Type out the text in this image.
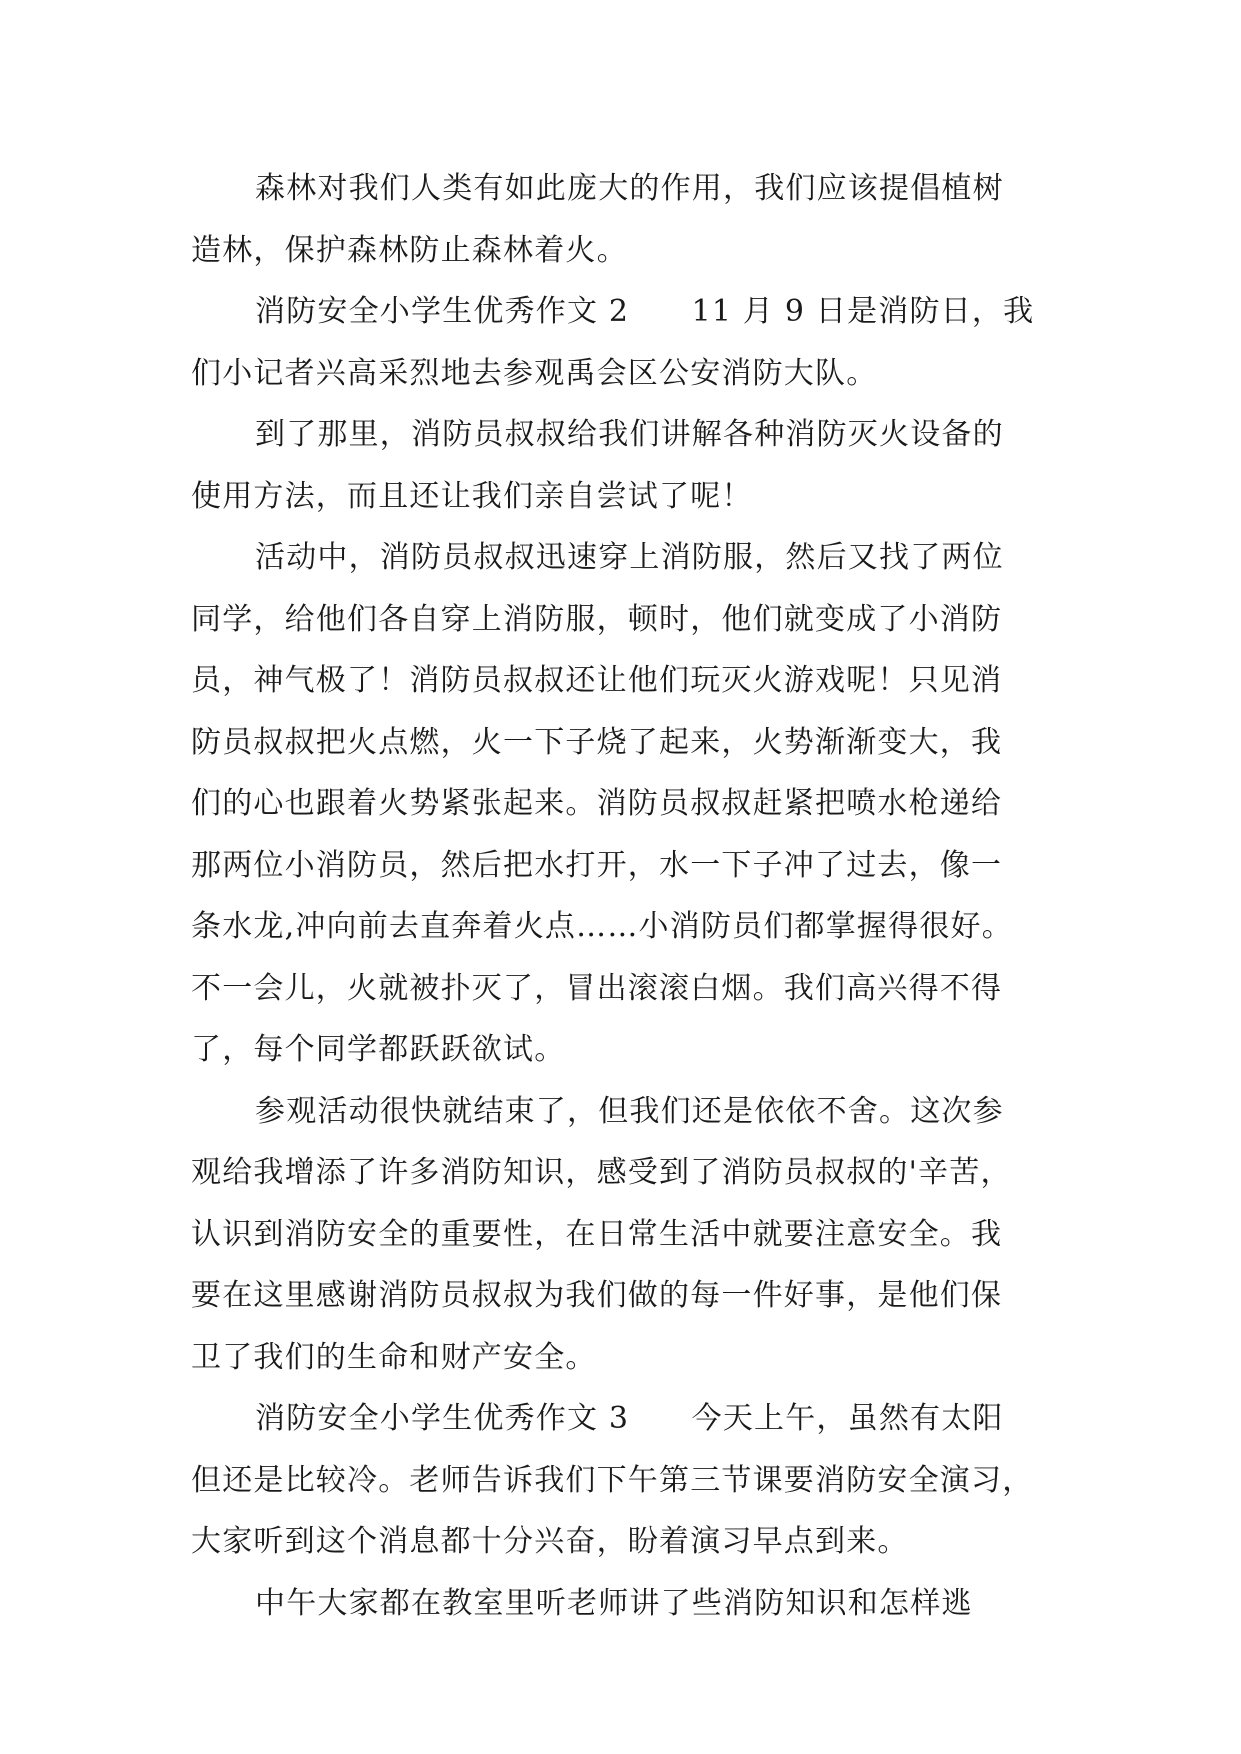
森林对我们人类有如此庞大的作用，我们应该提倡植树
造林，保护森林防止森林着火。
消防安全小学生优秀作文 2　　11 月 9 日是消防日，我
们小记者兴高采烈地去参观禹会区公安消防大队。
到了那里，消防员叔叔给我们讲解各种消防灭火设备的
使用方法，而且还让我们亲自尝试了呢！
活动中，消防员叔叔迅速穿上消防服，然后又找了两位
同学，给他们各自穿上消防服，顿时，他们就变成了小消防
员，神气极了！消防员叔叔还让他们玩灭火游戏呢！只见消
防员叔叔把火点燃，火一下子烧了起来，火势渐渐变大，我
们的心也跟着火势紧张起来。消防员叔叔赶紧把喷水枪递给
那两位小消防员，然后把水打开，水一下子冲了过去，像一
条水龙,冲向前去直奔着火点……小消防员们都掌握得很好。
不一会儿，火就被扑灭了，冒出滚滚白烟。我们高兴得不得
了，每个同学都跃跃欲试。
参观活动很快就结束了，但我们还是依依不舍。这次参
观给我增添了许多消防知识，感受到了消防员叔叔的'辛苦，
认识到消防安全的重要性，在日常生活中就要注意安全。我
要在这里感谢消防员叔叔为我们做的每一件好事，是他们保
卫了我们的生命和财产安全。
消防安全小学生优秀作文 3　　今天上午，虽然有太阳
但还是比较冷。老师告诉我们下午第三节课要消防安全演习，
大家听到这个消息都十分兴奋，盼着演习早点到来。
中午大家都在教室里听老师讲了些消防知识和怎样逃
